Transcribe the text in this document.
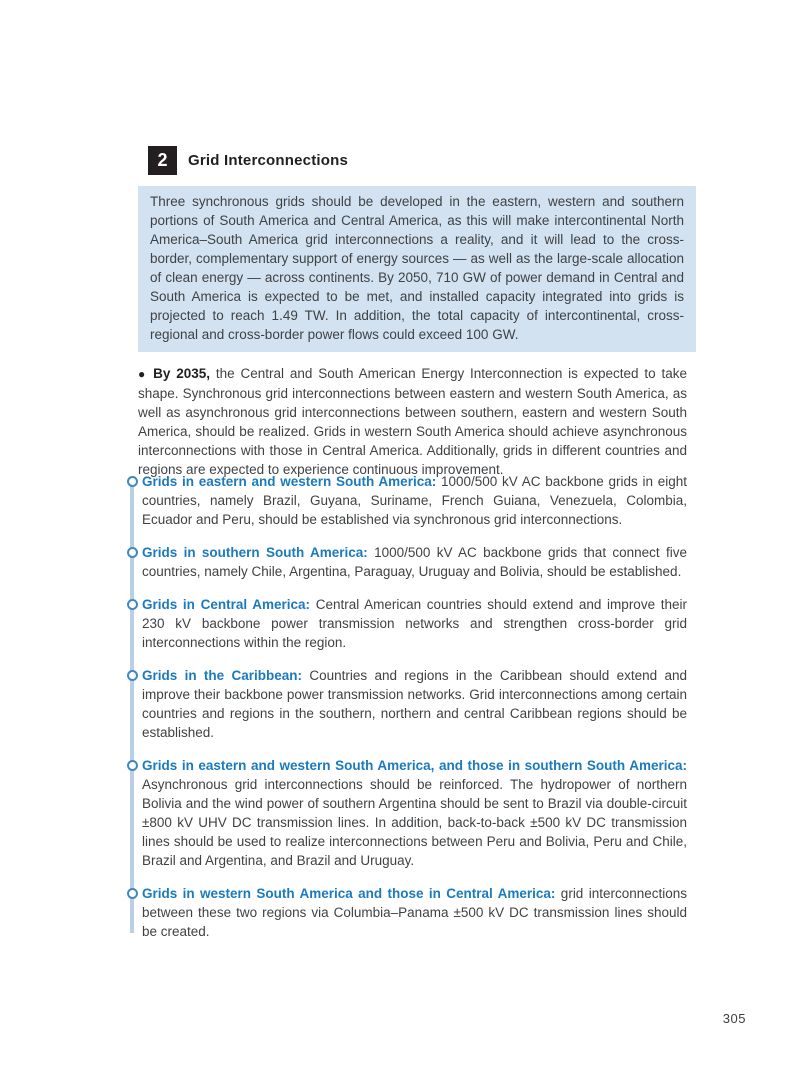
2	Grid Interconnections
Three synchronous grids should be developed in the eastern, western and southern portions of South America and Central America, as this will make intercontinental North America–South America grid interconnections a reality, and it will lead to the cross-border, complementary support of energy sources — as well as the large-scale allocation of clean energy — across continents. By 2050, 710 GW of power demand in Central and South America is expected to be met, and installed capacity integrated into grids is projected to reach 1.49 TW. In addition, the total capacity of intercontinental, cross-regional and cross-border power flows could exceed 100 GW.

● By 2035, the Central and South American Energy Interconnection is expected to take shape. Synchronous grid interconnections between eastern and western South America, as well as asynchronous grid interconnections between southern, eastern and western South America, should be realized. Grids in western South America should achieve asynchronous interconnections with those in Central America. Additionally, grids in different countries and regions are expected to experience continuous improvement.

Grids in eastern and western South America: 1000/500 kV AC backbone grids in eight countries, namely Brazil, Guyana, Suriname, French Guiana, Venezuela, Colombia, Ecuador and Peru, should be established via synchronous grid interconnections.
Grids in southern South America: 1000/500 kV AC backbone grids that connect five countries, namely Chile, Argentina, Paraguay, Uruguay and Bolivia, should be established.
Grids in Central America: Central American countries should extend and improve their 230 kV backbone power transmission networks and strengthen cross-border grid interconnections within the region.
Grids in the Caribbean: Countries and regions in the Caribbean should extend and improve their backbone power transmission networks. Grid interconnections among certain countries and regions in the southern, northern and central Caribbean regions should be established.
Grids in eastern and western South America, and those in southern South America: Asynchronous grid interconnections should be reinforced. The hydropower of northern Bolivia and the wind power of southern Argentina should be sent to Brazil via double-circuit ±800 kV UHV DC transmission lines. In addition, back-to-back ±500 kV DC transmission lines should be used to realize interconnections between Peru and Bolivia, Peru and Chile, Brazil and Argentina, and Brazil and Uruguay.
Grids in western South America and those in Central America: grid interconnections between these two regions via Columbia–Panama ±500 kV DC transmission lines should be created.
305
